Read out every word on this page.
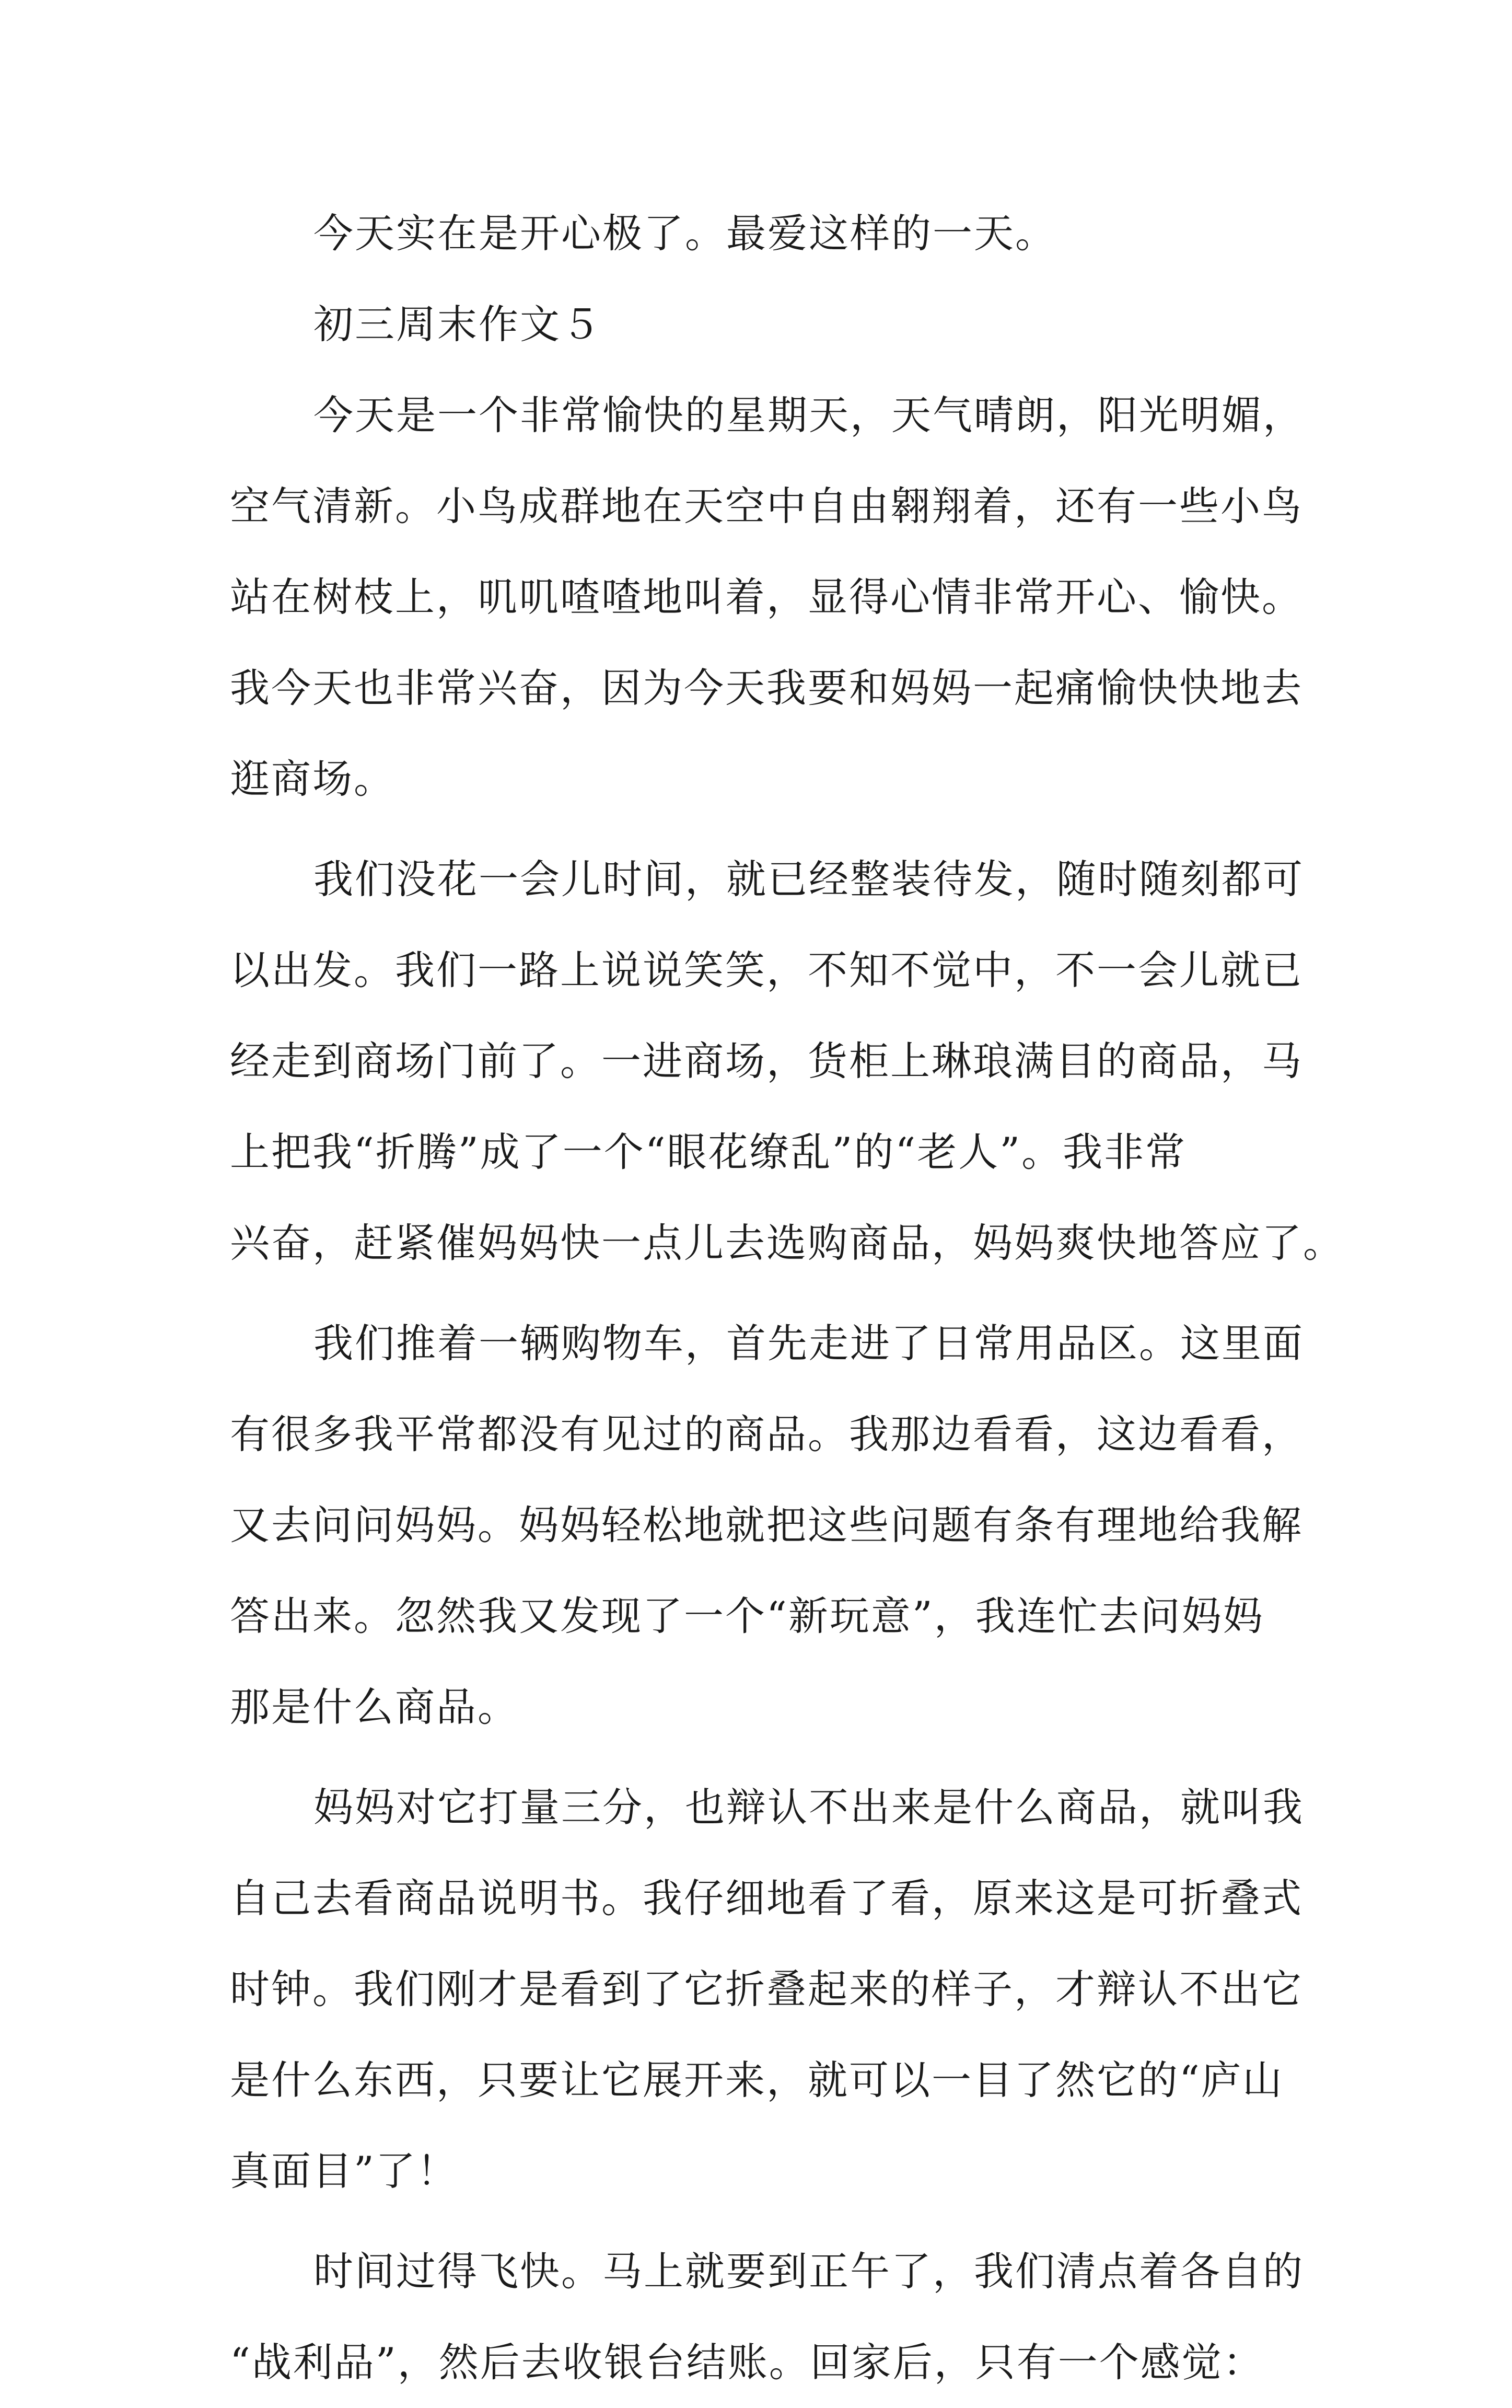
今天实在是开心极了。最爱这样的一天。
初三周末作文５
今天是一个非常愉快的星期天，天气晴朗，阳光明媚，
空气清新。小鸟成群地在天空中自由翱翔着，还有一些小鸟
站在树枝上，叽叽喳喳地叫着，显得心情非常开心、愉快。
我今天也非常兴奋，因为今天我要和妈妈一起痛愉快快地去
逛商场。
我们没花一会儿时间，就已经整装待发，随时随刻都可
以出发。我们一路上说说笑笑，不知不觉中，不一会儿就已
经走到商场门前了。一进商场，货柜上琳琅满目的商品，马
上把我“折腾”成了一个“眼花缭乱”的“老人”。我非常
兴奋，赶紧催妈妈快一点儿去选购商品，妈妈爽快地答应了。
我们推着一辆购物车，首先走进了日常用品区。这里面
有很多我平常都没有见过的商品。我那边看看，这边看看，
又去问问妈妈。妈妈轻松地就把这些问题有条有理地给我解
答出来。忽然我又发现了一个“新玩意”，我连忙去问妈妈
那是什么商品。
妈妈对它打量三分，也辩认不出来是什么商品，就叫我
自己去看商品说明书。我仔细地看了看，原来这是可折叠式
时钟。我们刚才是看到了它折叠起来的样子，才辩认不出它
是什么东西，只要让它展开来，就可以一目了然它的“庐山
真面目”了！
时间过得飞快。马上就要到正午了，我们清点着各自的
“战利品”，然后去收银台结账。回家后，只有一个感觉：
